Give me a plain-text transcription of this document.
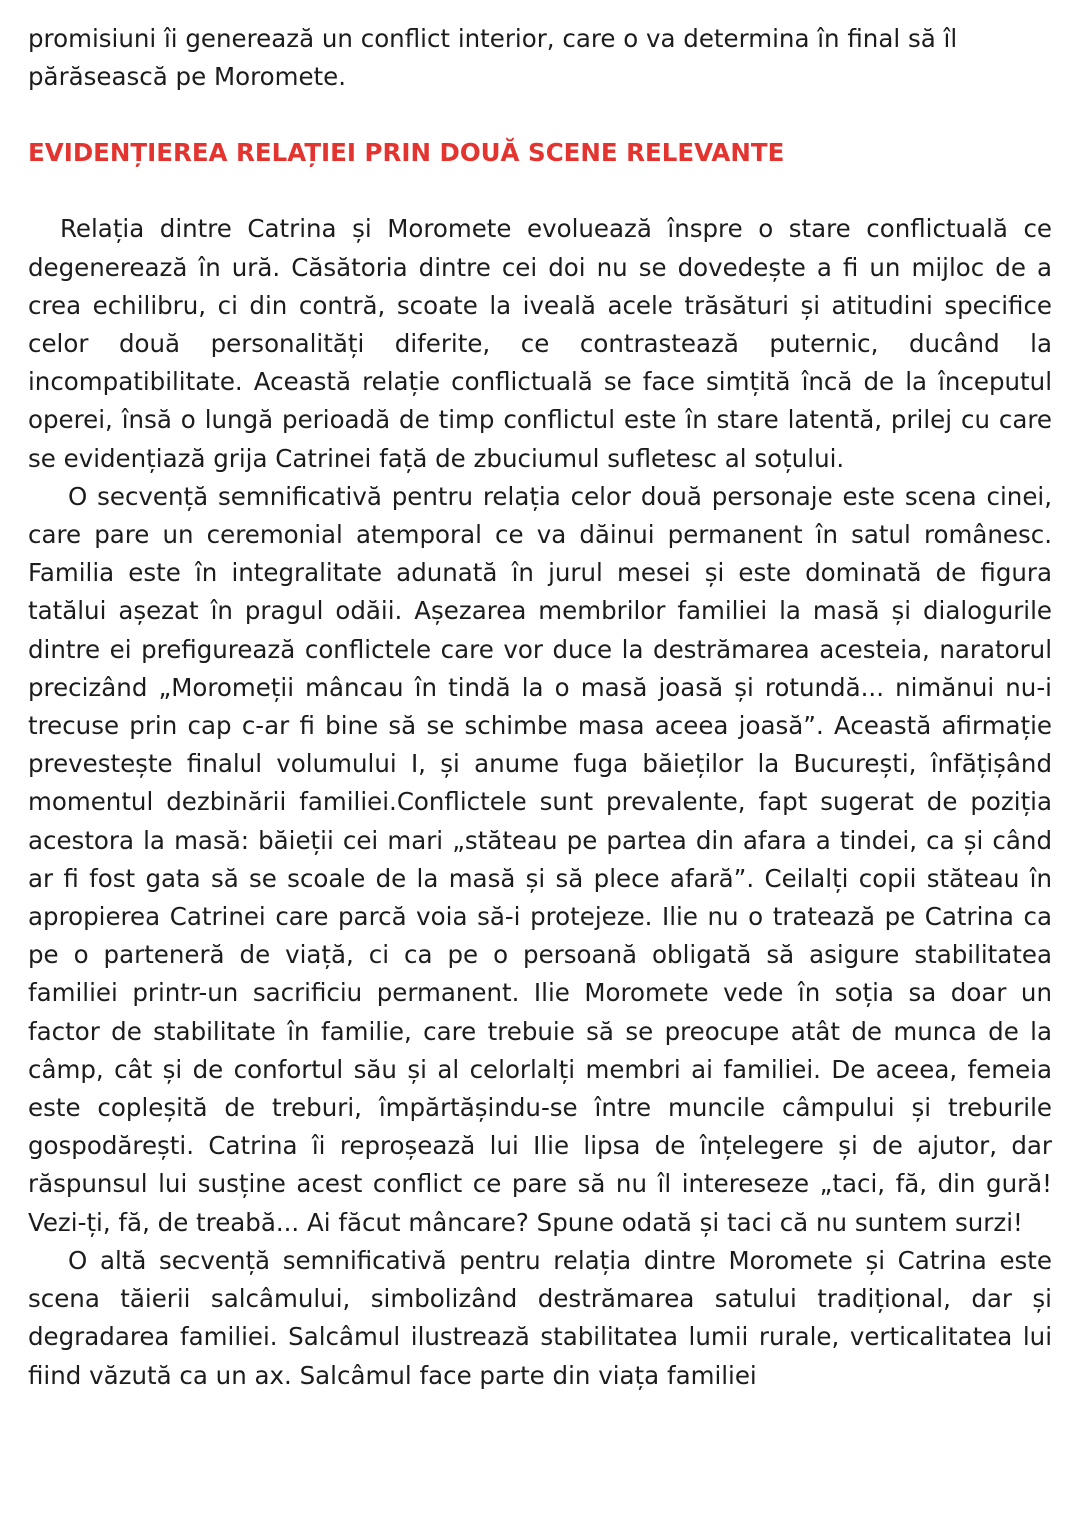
promisiuni îi generează un conflict interior, care o va determina în final să îl părăsească pe Moromete.

EVIDENȚIEREA RELAȚIEI PRIN DOUĂ SCENE RELEVANTE

Relația dintre Catrina și Moromete evoluează înspre o stare conflictuală ce degenerează în ură. Căsătoria dintre cei doi nu se dovedește a fi un mijloc de a crea echilibru, ci din contră, scoate la iveală acele trăsături și atitudini specifice celor două personalități diferite, ce contrastează puternic, ducând la incompatibilitate. Această relație conflictuală se face simțită încă de la începutul operei, însă o lungă perioadă de timp conflictul este în stare latentă, prilej cu care se evidențiază grija Catrinei față de zbuciumul sufletesc al soțului.

O secvență semnificativă pentru relația celor două personaje este scena cinei, care pare un ceremonial atemporal ce va dăinui permanent în satul românesc. Familia este în integralitate adunată în jurul mesei și este dominată de figura tatălui așezat în pragul odăii. Așezarea membrilor familiei la masă și dialogurile dintre ei prefigurează conflictele care vor duce la destrămarea acesteia, naratorul precizând „Moromeții mâncau în tindă la o masă joasă și rotundă... nimănui nu-i trecuse prin cap c-ar fi bine să se schimbe masa aceea joasă”. Această afirmație prevestește finalul volumului I, și anume fuga băieților la București, înfățișând momentul dezbinării familiei.Conflictele sunt prevalente, fapt sugerat de poziția acestora la masă: băieții cei mari „stăteau pe partea din afara a tindei, ca și când ar fi fost gata să se scoale de la masă și să plece afară”. Ceilalți copii stăteau în apropierea Catrinei care parcă voia să-i protejeze. Ilie nu o tratează pe Catrina ca pe o parteneră de viață, ci ca pe o persoană obligată să asigure stabilitatea familiei printr-un sacrificiu permanent. Ilie Moromete vede în soția sa doar un factor de stabilitate în familie, care trebuie să se preocupe atât de munca de la câmp, cât și de confortul său și al celorlalți membri ai familiei. De aceea, femeia este copleșită de treburi, împărtășindu-se între muncile câmpului și treburile gospodărești. Catrina îi reproșează lui Ilie lipsa de înțelegere și de ajutor, dar răspunsul lui susține acest conflict ce pare să nu îl intereseze „taci, fă, din gură! Vezi-ți, fă, de treabă... Ai făcut mâncare? Spune odată și taci că nu suntem surzi!

O altă secvență semnificativă pentru relația dintre Moromete și Catrina este scena tăierii salcâmului, simbolizând destrămarea satului tradițional, dar și degradarea familiei. Salcâmul ilustrează stabilitatea lumii rurale, verticalitatea lui fiind văzută ca un ax. Salcâmul face parte din viața familiei
